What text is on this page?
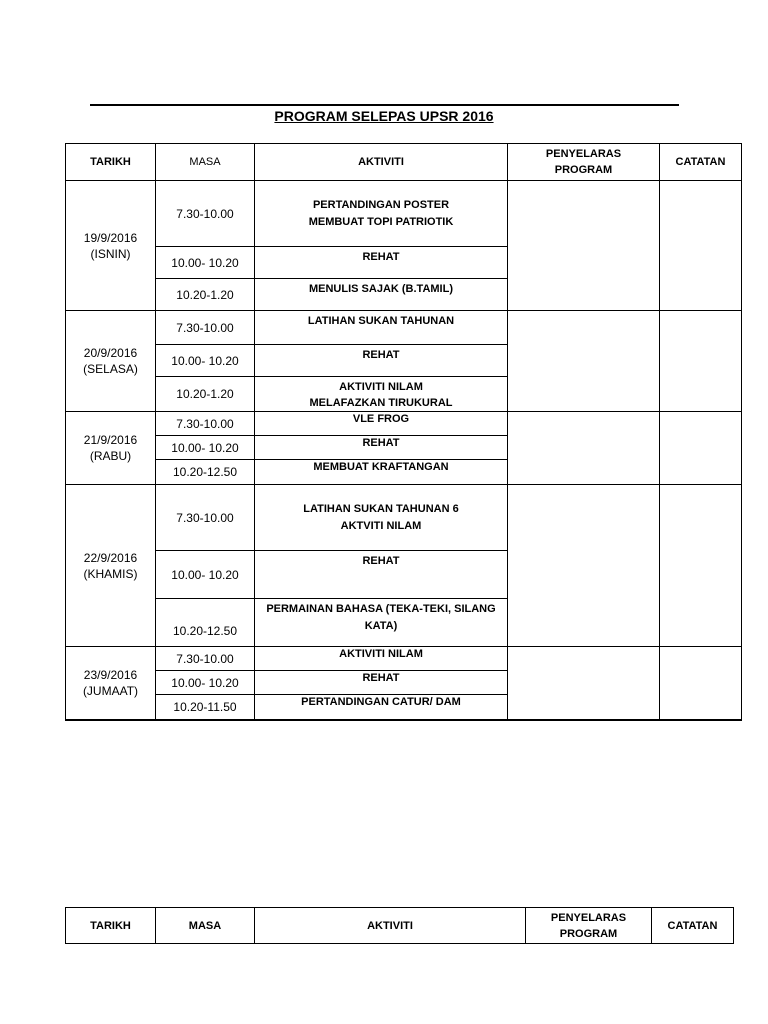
PROGRAM SELEPAS UPSR 2016
TARIKH	MASA	AKTIVITI	PENYELARAS
PROGRAM	CATATAN

19/9/2016
(ISNIN)	7.30-10.00	PERTANDINGAN POSTER
MEMBUAT TOPI PATRIOTIK		

	10.00- 10.20	REHAT		

	10.20-1.20	MENULIS SAJAK (B.TAMIL)		

20/9/2016
(SELASA)	7.30-10.00	LATIHAN SUKAN TAHUNAN		

	10.00- 10.20	REHAT		

	10.20-1.20	AKTIVITI NILAM
MELAFAZKAN TIRUKURAL		

21/9/2016
(RABU)	7.30-10.00	VLE FROG		

	10.00- 10.20	REHAT		

	10.20-12.50	MEMBUAT KRAFTANGAN		

22/9/2016
(KHAMIS)	7.30-10.00	LATIHAN SUKAN TAHUNAN 6
AKTVITI NILAM		

	10.00- 10.20	REHAT		

	10.20-12.50	PERMAINAN BAHASA (TEKA-TEKI, SILANG
KATA)		

23/9/2016
(JUMAAT)	7.30-10.00	AKTIVITI NILAM		

	10.00- 10.20	REHAT		

	10.20-11.50	PERTANDINGAN CATUR/ DAM		
TARIKH	MASA	AKTIVITI	
PENYELARAS
PROGRAM
	CATATAN
